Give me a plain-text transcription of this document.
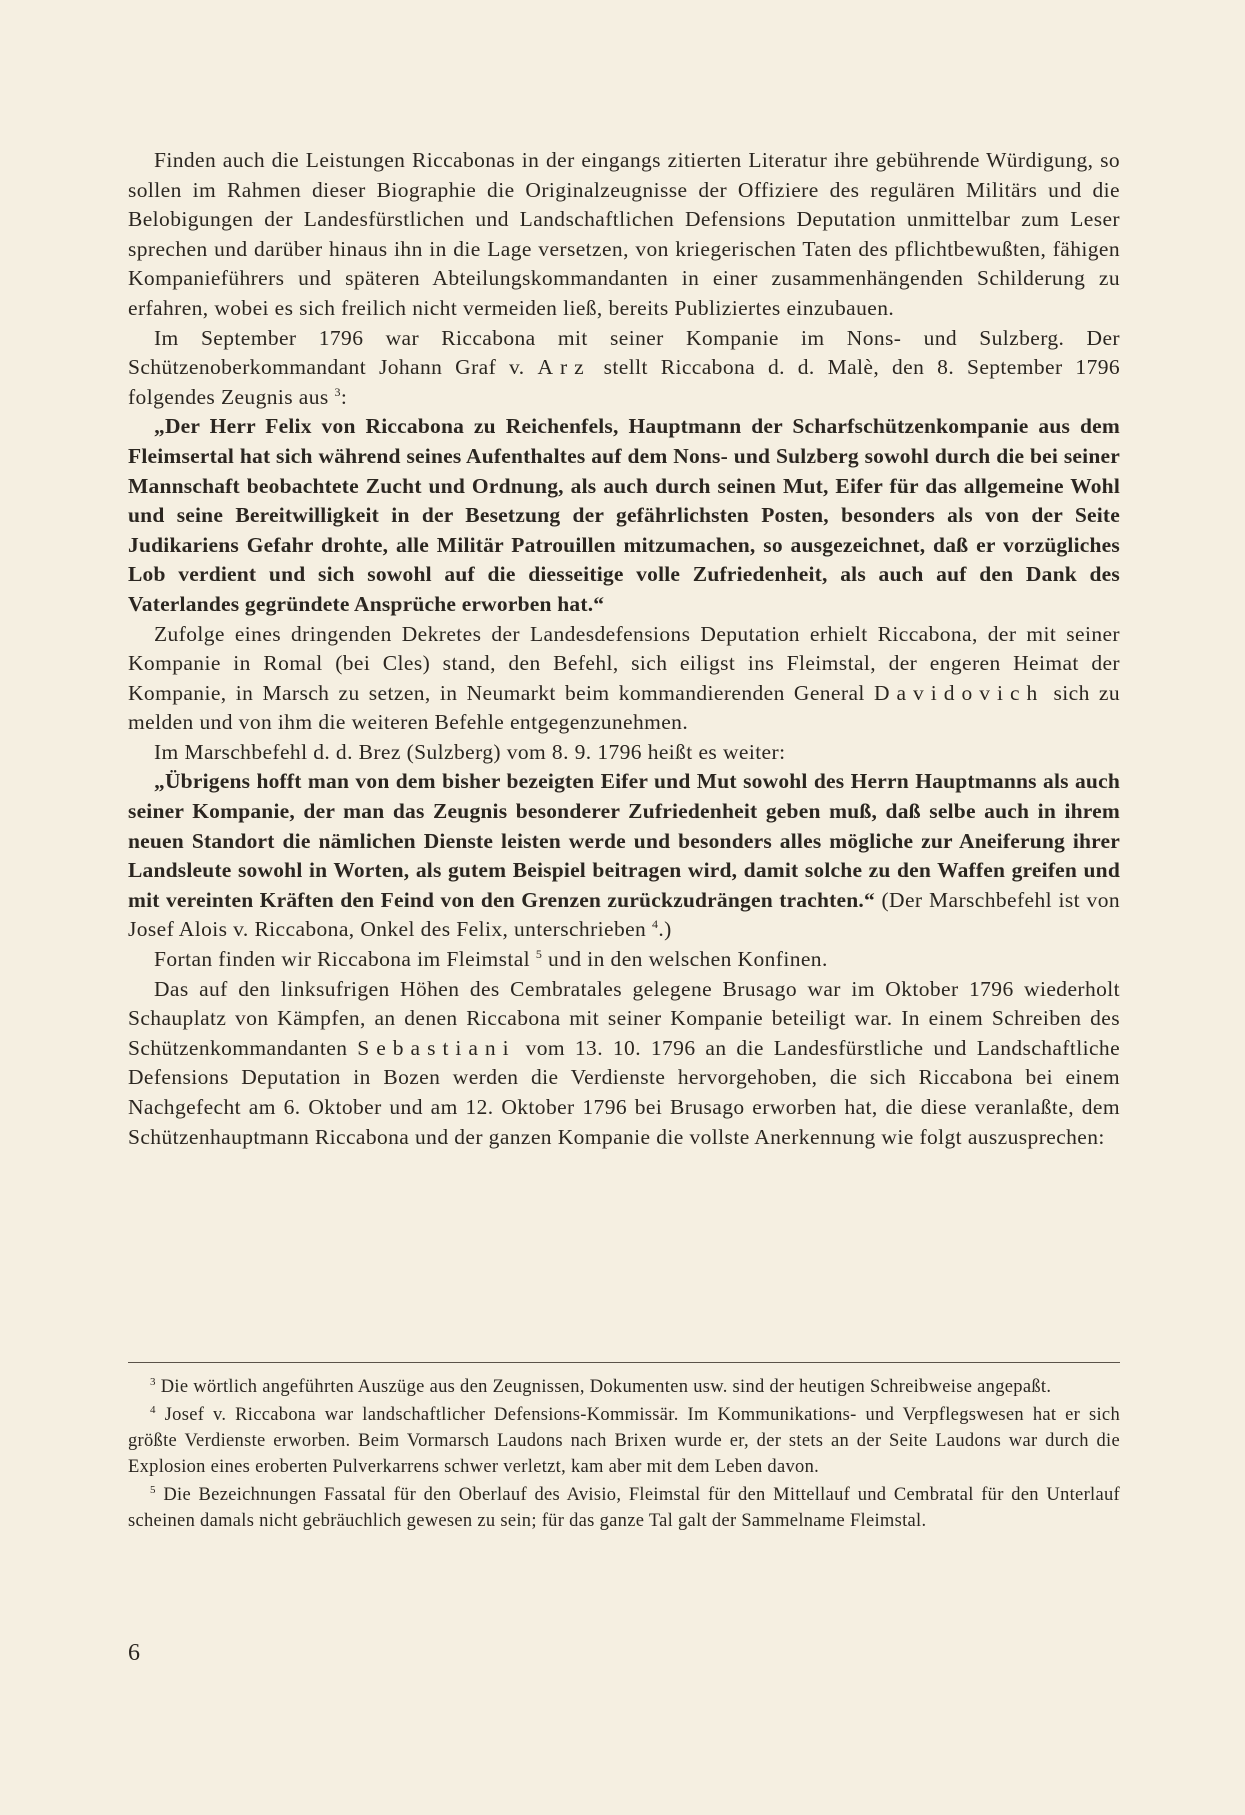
Finden auch die Leistungen Riccabonas in der eingangs zitierten Literatur ihre gebührende Würdigung, so sollen im Rahmen dieser Biographie die Originalzeugnisse der Offiziere des regulären Militärs und die Belobigungen der Landesfürstlichen und Landschaftlichen Defensions Deputation unmittelbar zum Leser sprechen und darüber hinaus ihn in die Lage versetzen, von kriegerischen Taten des pflichtbewußten, fähigen Kompanieführers und späteren Abteilungskommandanten in einer zusammenhängenden Schilderung zu erfahren, wobei es sich freilich nicht vermeiden ließ, bereits Publiziertes einzubauen.

Im September 1796 war Riccabona mit seiner Kompanie im Nons- und Sulzberg. Der Schützenoberkommandant Johann Graf v. Arz stellt Riccabona d. d. Malè, den 8. September 1796 folgendes Zeugnis aus $^3$:

„Der Herr Felix von Riccabona zu Reichenfels, Hauptmann der Scharfschützenkompanie aus dem Fleimsertal hat sich während seines Aufenthaltes auf dem Nons- und Sulzberg sowohl durch die bei seiner Mannschaft beobachtete Zucht und Ordnung, als auch durch seinen Mut, Eifer für das allgemeine Wohl und seine Bereitwilligkeit in der Besetzung der gefährlichsten Posten, besonders als von der Seite Judikariens Gefahr drohte, alle Militär Patrouillen mitzumachen, so ausgezeichnet, daß er vorzügliches Lob verdient und sich sowohl auf die diesseitige volle Zufriedenheit, als auch auf den Dank des Vaterlandes gegründete Ansprüche erworben hat.“

Zufolge eines dringenden Dekretes der Landesdefensions Deputation erhielt Riccabona, der mit seiner Kompanie in Romal (bei Cles) stand, den Befehl, sich eiligst ins Fleimstal, der engeren Heimat der Kompanie, in Marsch zu setzen, in Neumarkt beim kommandierenden General Davidovich sich zu melden und von ihm die weiteren Befehle entgegenzunehmen.

Im Marschbefehl d. d. Brez (Sulzberg) vom 8. 9. 1796 heißt es weiter:

„Übrigens hofft man von dem bisher bezeigten Eifer und Mut sowohl des Herrn Hauptmanns als auch seiner Kompanie, der man das Zeugnis besonderer Zufriedenheit geben muß, daß selbe auch in ihrem neuen Standort die nämlichen Dienste leisten werde und besonders alles mögliche zur Aneiferung ihrer Landsleute sowohl in Worten, als gutem Beispiel beitragen wird, damit solche zu den Waffen greifen und mit vereinten Kräften den Feind von den Grenzen zurückzudrängen trachten.“ (Der Marschbefehl ist von Josef Alois v. Riccabona, Onkel des Felix, unterschrieben $^4$.)

Fortan finden wir Riccabona im Fleimstal $^5$ und in den welschen Konfinen.

Das auf den linksufrigen Höhen des Cembratales gelegene Brusago war im Oktober 1796 wiederholt Schauplatz von Kämpfen, an denen Riccabona mit seiner Kompanie beteiligt war. In einem Schreiben des Schützenkommandanten Sebastiani vom 13. 10. 1796 an die Landesfürstliche und Landschaftliche Defensions Deputation in Bozen werden die Verdienste hervorgehoben, die sich Riccabona bei einem Nachgefecht am 6. Oktober und am 12. Oktober 1796 bei Brusago erworben hat, die diese veranlaßte, dem Schützenhauptmann Riccabona und der ganzen Kompanie die vollste Anerkennung wie folgt auszusprechen:

$^3$ Die wörtlich angeführten Auszüge aus den Zeugnissen, Dokumenten usw. sind der heutigen Schreibweise angepaßt.

$^4$ Josef v. Riccabona war landschaftlicher Defensions-Kommissär. Im Kommunikations- und Verpflegswesen hat er sich größte Verdienste erworben. Beim Vormarsch Laudons nach Brixen wurde er, der stets an der Seite Laudons war durch die Explosion eines eroberten Pulverkarrens schwer verletzt, kam aber mit dem Leben davon.

$^5$ Die Bezeichnungen Fassatal für den Oberlauf des Avisio, Fleimstal für den Mittellauf und Cembratal für den Unterlauf scheinen damals nicht gebräuchlich gewesen zu sein; für das ganze Tal galt der Sammelname Fleimstal.

6
